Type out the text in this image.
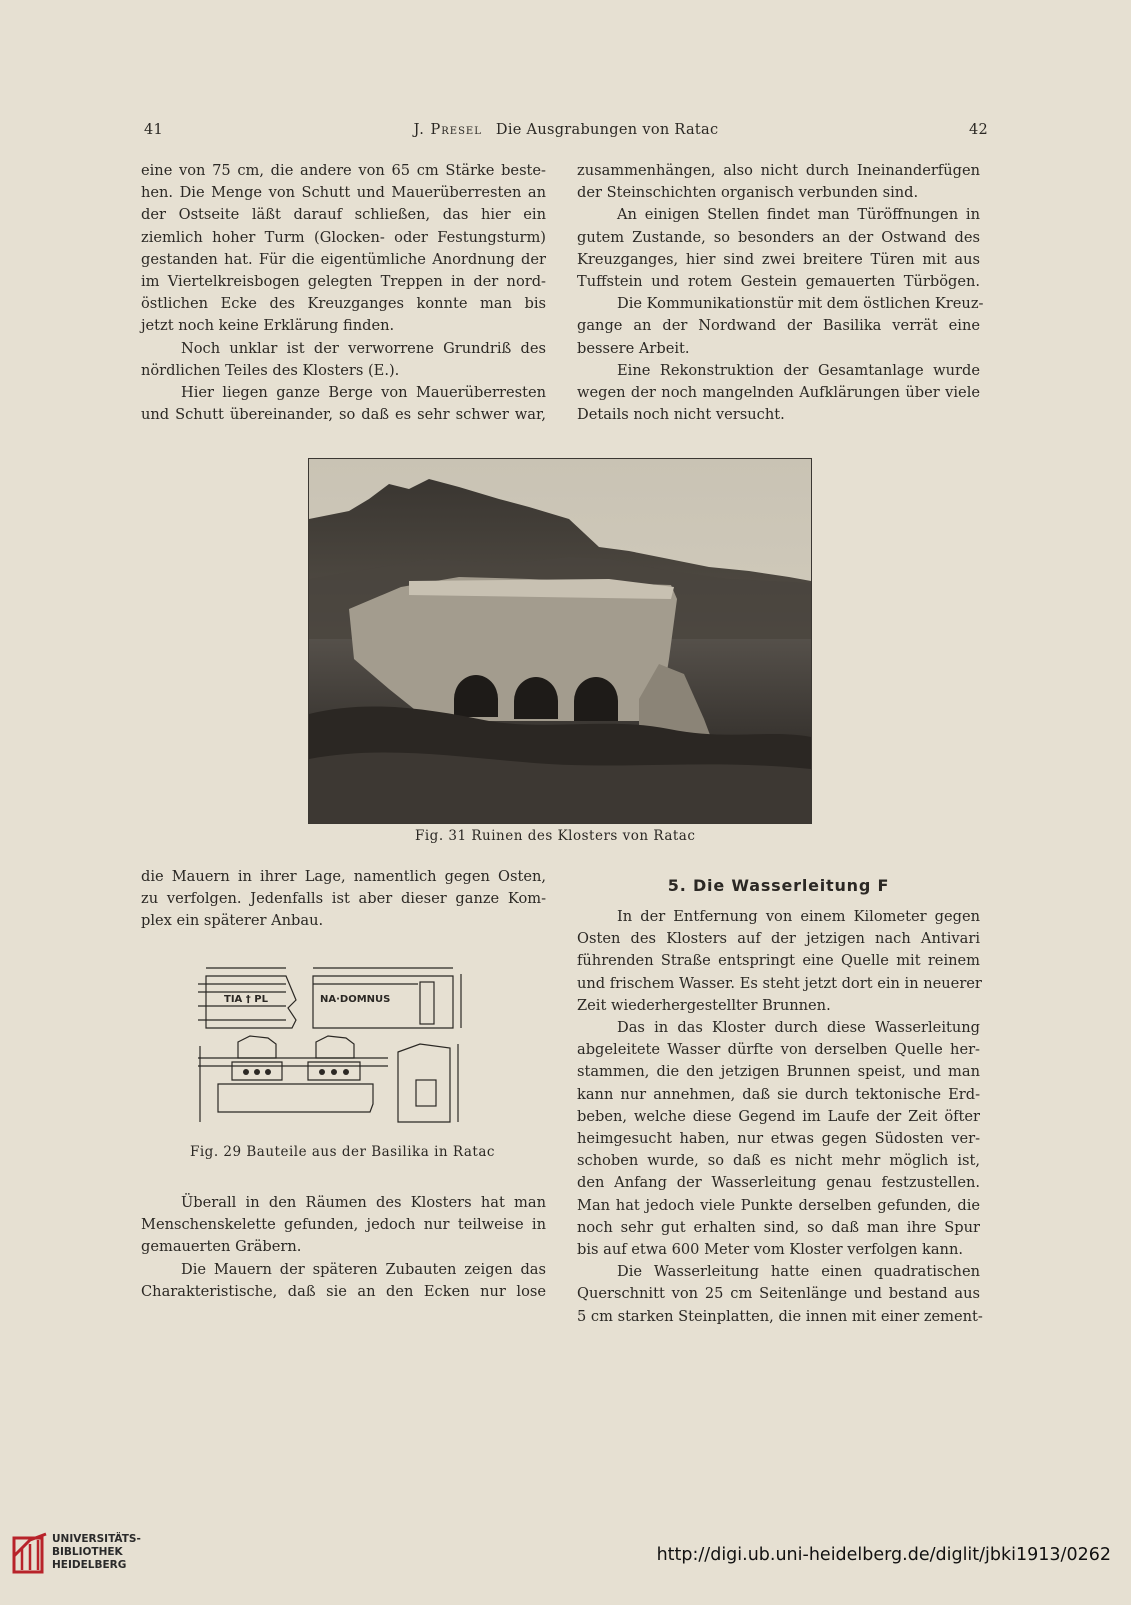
41	J. Presel Die Ausgrabungen von Ratac	42
eine von 75 cm, die andere von 65 cm Stärke beste-
hen. Die Menge von Schutt und Mauerüberresten an
der Ostseite läßt darauf schließen, das hier ein
ziemlich hoher Turm (Glocken- oder Festungsturm)
gestanden hat. Für die eigentümliche Anordnung der
im Viertelkreisbogen gelegten Treppen in der nord-
östlichen Ecke des Kreuzganges konnte man bis
jetzt noch keine Erklärung finden.
Noch unklar ist der verworrene Grundriß des
nördlichen Teiles des Klosters (E.).
Hier liegen ganze Berge von Mauerüberresten
und Schutt übereinander, so daß es sehr schwer war,
zusammenhängen, also nicht durch Ineinanderfügen
der Steinschichten organisch verbunden sind.
An einigen Stellen findet man Türöffnungen in
gutem Zustande, so besonders an der Ostwand des
Kreuzganges, hier sind zwei breitere Türen mit aus
Tuffstein und rotem Gestein gemauerten Türbögen.
Die Kommunikationstür mit dem östlichen Kreuz-
gange an der Nordwand der Basilika verrät eine
bessere Arbeit.
Eine Rekonstruktion der Gesamtanlage wurde
wegen der noch mangelnden Aufklärungen über viele
Details noch nicht versucht.
Fig. 31 Ruinen des Klosters von Ratac
die Mauern in ihrer Lage, namentlich gegen Osten,
zu verfolgen. Jedenfalls ist aber dieser ganze Kom-
plex ein späterer Anbau.
TIA † PL	NA·DOMNUS
Fig. 29 Bauteile aus der Basilika in Ratac
Überall in den Räumen des Klosters hat man
Menschenskelette gefunden, jedoch nur teilweise in
gemauerten Gräbern.
Die Mauern der späteren Zubauten zeigen das
Charakteristische, daß sie an den Ecken nur lose
5. Die Wasserleitung F
In der Entfernung von einem Kilometer gegen
Osten des Klosters auf der jetzigen nach Antivari
führenden Straße entspringt eine Quelle mit reinem
und frischem Wasser. Es steht jetzt dort ein in neuerer
Zeit wiederhergestellter Brunnen.
Das in das Kloster durch diese Wasserleitung
abgeleitete Wasser dürfte von derselben Quelle her-
stammen, die den jetzigen Brunnen speist, und man
kann nur annehmen, daß sie durch tektonische Erd-
beben, welche diese Gegend im Laufe der Zeit öfter
heimgesucht haben, nur etwas gegen Südosten ver-
schoben wurde, so daß es nicht mehr möglich ist,
den Anfang der Wasserleitung genau festzustellen.
Man hat jedoch viele Punkte derselben gefunden, die
noch sehr gut erhalten sind, so daß man ihre Spur
bis auf etwa 600 Meter vom Kloster verfolgen kann.
Die Wasserleitung hatte einen quadratischen
Querschnitt von 25 cm Seitenlänge und bestand aus
5 cm starken Steinplatten, die innen mit einer zement-
UNIVERSITÄTS-
BIBLIOTHEK
HEIDELBERG	http://digi.ub.uni-heidelberg.de/diglit/jbki1913/0262
